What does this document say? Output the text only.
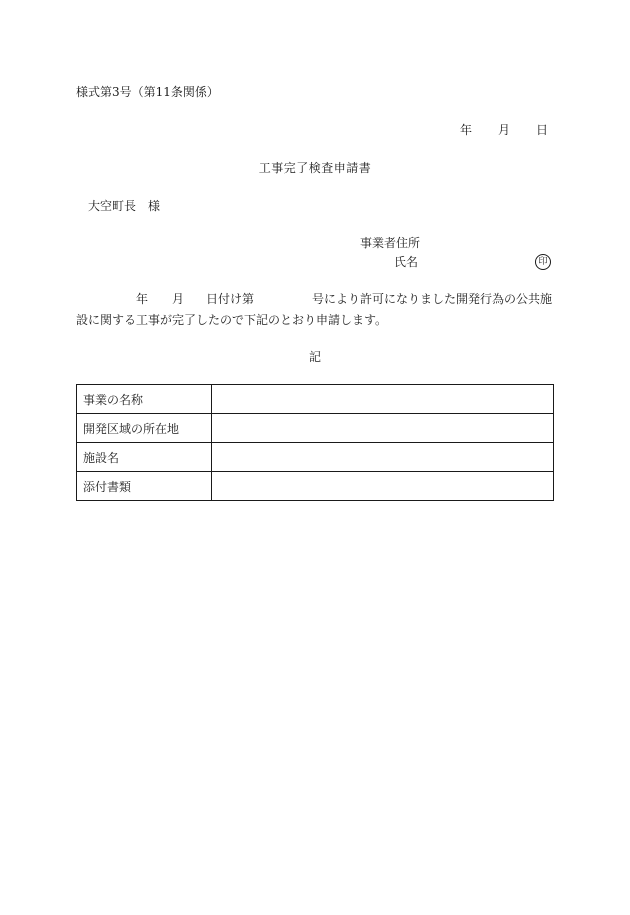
様式第3号（第11条関係）
年 月 日
工事完了検査申請書
大空町長 様
事業者住所
氏名	印
年 月 日付け第	号により許可になりました開発行為の公共施
設に関する工事が完了したので下記のとおり申請します。
記
事業の名称	
開発区域の所在地	
施設名	
添付書類	
